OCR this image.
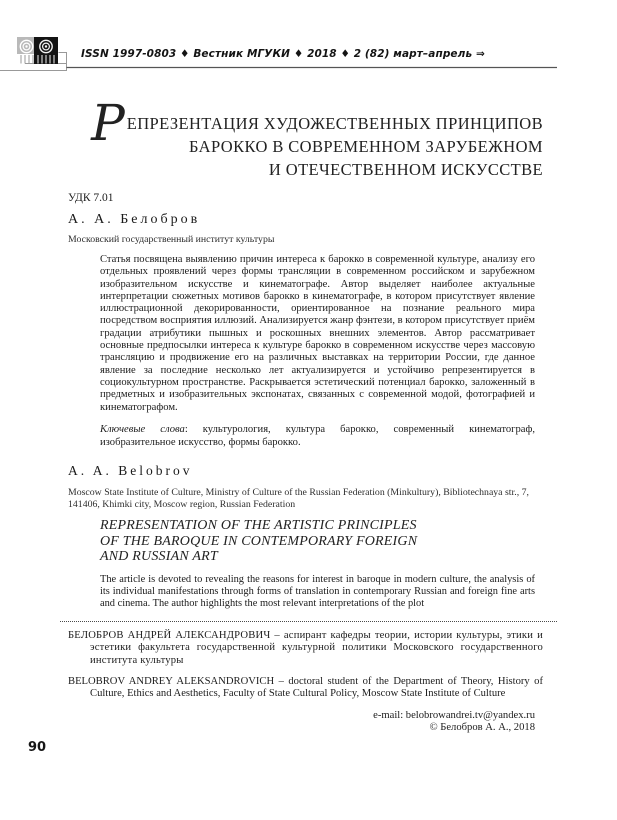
ISSN 1997-0803 ♦ Вестник МГУКИ ♦ 2018 ♦ 2 (82) март–апрель ⇒
РЕПРЕЗЕНТАЦИЯ ХУДОЖЕСТВЕННЫХ ПРИНЦИПОВ
БАРОККО В СОВРЕМЕННОМ ЗАРУБЕЖНОМ
И ОТЕЧЕСТВЕННОМ ИСКУССТВЕ

УДК 7.01

А. А. Белобров

Московский государственный институт культуры

Статья посвящена выявлению причин интереса к барокко в современной культуре, анализу его отдельных проявлений через формы трансляции в современном российском и зарубежном изобразительном искусстве и кинематографе. Автор выделяет наиболее актуальные интерпретации сюжетных мотивов барокко в кинематографе, в котором присутствует явление иллюстрационной декорированности, ориентированное на познание реального мира посредством восприятия иллюзий. Анализируется жанр фэнтези, в котором присутствует приём градации атрибутики пышных и роскошных внешних элементов. Автор рассматривает основные предпосылки интереса к культуре барокко в современном искусстве через массовую трансляцию и продвижение его на различных выставках на территории России, где данное явление за последние несколько лет актуализируется и устойчиво репрезентируется в социокультурном пространстве. Раскрывается эстетический потенциал барокко, заложенный в предметных и изобразительных экспонатах, связанных с современной модой, фотографией и кинематографом.

Ключевые слова: культурология, культура барокко, современный кинематограф, изобразительное искусство, формы барокко.

A. A. Belobrov

Moscow State Institute of Culture, Ministry of Culture of the Russian Federation (Minkultury), Bibliotechnaya str., 7, 141406, Khimki city, Moscow region, Russian Federation

REPRESENTATION OF THE ARTISTIC PRINCIPLES
OF THE BAROQUE IN CONTEMPORARY FOREIGN
AND RUSSIAN ART

The article is devoted to revealing the reasons for interest in baroque in modern culture, the analysis of its individual manifestations through forms of translation in contemporary Russian and foreign fine arts and cinema. The author highlights the most relevant interpretations of the plot

БЕЛОБРОВ АНДРЕЙ АЛЕКСАНДРОВИЧ – аспирант кафедры теории, истории культуры, этики и эстетики факультета государственной культурной политики Московского государственного института культуры

BELOBROV ANDREY ALEKSANDROVICH – doctoral student of the Department of Theory, History of Culture, Ethics and Aesthetics, Faculty of State Cultural Policy, Moscow State Institute of Culture

e-mail: belobrowandrei.tv@yandex.ru
© Белобров А. А., 2018
90
